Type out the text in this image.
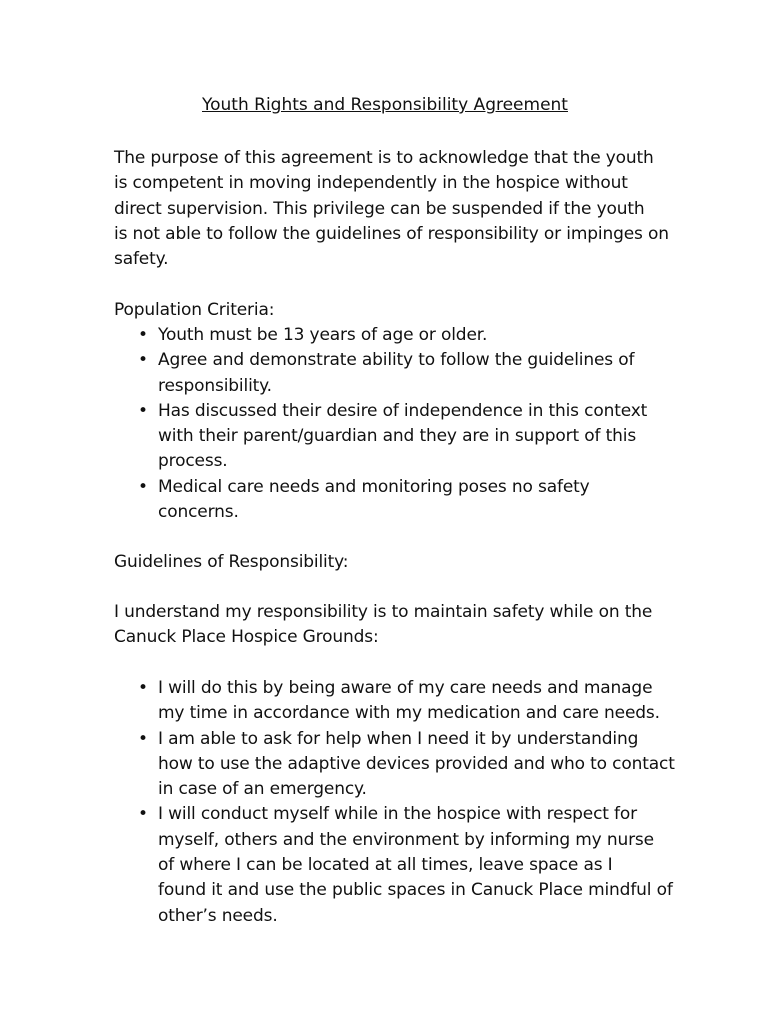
Youth Rights and Responsibility Agreement

The purpose of this agreement is to acknowledge that the youth
is competent in moving independently in the hospice without
direct supervision. This privilege can be suspended if the youth
is not able to follow the guidelines of responsibility or impinges on
safety.

Population Criteria:

• Youth must be 13 years of age or older.
• Agree and demonstrate ability to follow the guidelines of
responsibility.
• Has discussed their desire of independence in this context
with their parent/guardian and they are in support of this
process.
• Medical care needs and monitoring poses no safety
concerns.

Guidelines of Responsibility:

I understand my responsibility is to maintain safety while on the
Canuck Place Hospice Grounds:

• I will do this by being aware of my care needs and manage
my time in accordance with my medication and care needs.
• I am able to ask for help when I need it by understanding
how to use the adaptive devices provided and who to contact
in case of an emergency.
• I will conduct myself while in the hospice with respect for
myself, others and the environment by informing my nurse
of where I can be located at all times, leave space as I
found it and use the public spaces in Canuck Place mindful of
other’s needs.
